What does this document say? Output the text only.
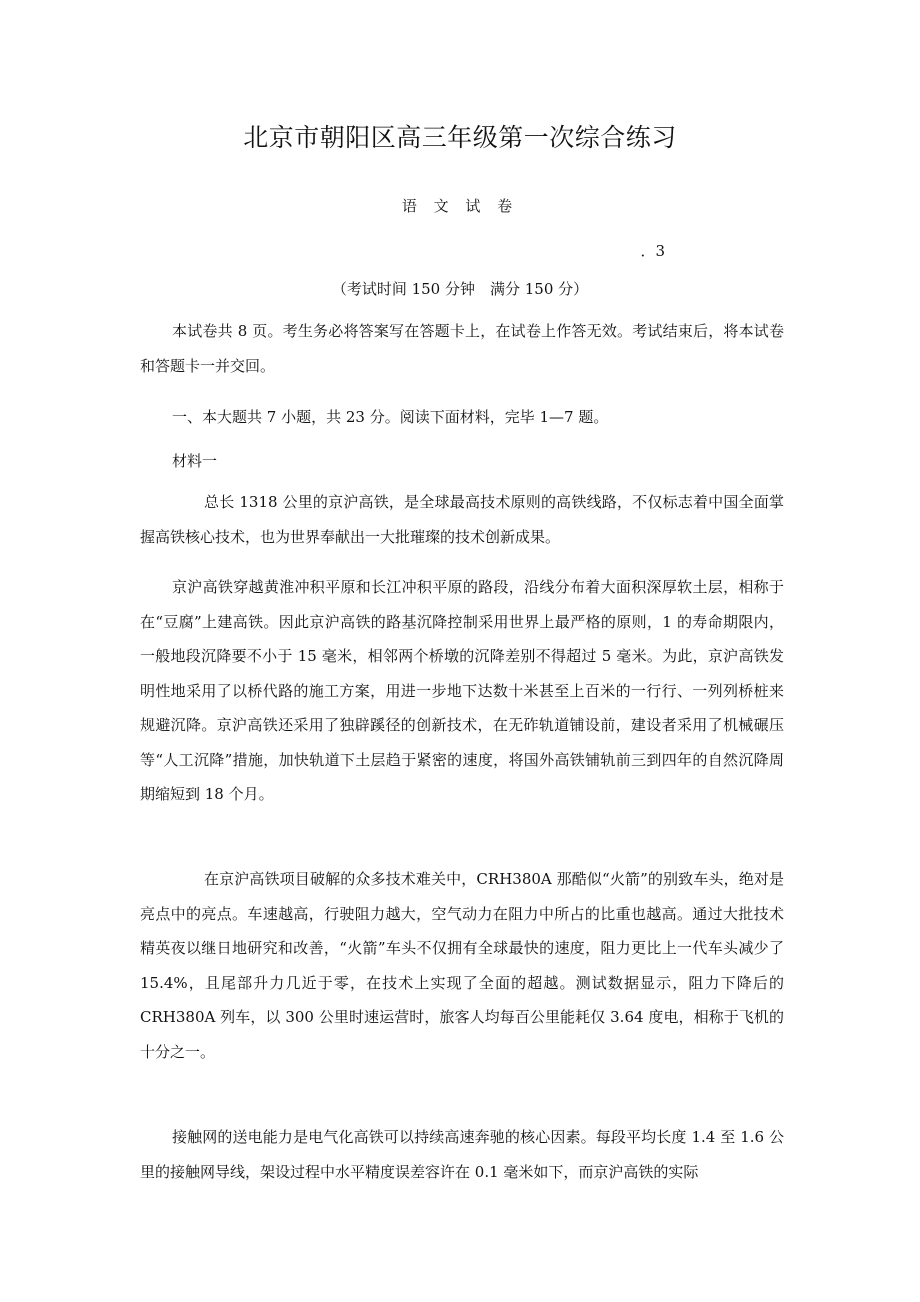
北京市朝阳区高三年级第一次综合练习
语 文 试 卷
．3
（考试时间 150 分钟　满分 150 分）

本试卷共 8 页。考生务必将答案写在答题卡上，在试卷上作答无效。考试结束后，将本试卷和答题卡一并交回。

一、本大题共 7 小题，共 23 分。阅读下面材料，完毕 1—7 题。

材料一

总长 1318 公里的京沪高铁，是全球最高技术原则的高铁线路，不仅标志着中国全面掌握高铁核心技术，也为世界奉献出一大批璀璨的技术创新成果。

京沪高铁穿越黄淮冲积平原和长江冲积平原的路段，沿线分布着大面积深厚软土层，相称于在“豆腐”上建高铁。因此京沪高铁的路基沉降控制采用世界上最严格的原则，1 的寿命期限内，一般地段沉降要不小于 15 毫米，相邻两个桥墩的沉降差别不得超过 5 毫米。为此，京沪高铁发明性地采用了以桥代路的施工方案，用进一步地下达数十米甚至上百米的一行行、一列列桥桩来规避沉降。京沪高铁还采用了独辟蹊径的创新技术，在无砟轨道铺设前，建设者采用了机械碾压等“人工沉降”措施，加快轨道下土层趋于紧密的速度，将国外高铁铺轨前三到四年的自然沉降周期缩短到 18 个月。

在京沪高铁项目破解的众多技术难关中，CRH380A 那酷似“火箭”的别致车头，绝对是亮点中的亮点。车速越高，行驶阻力越大，空气动力在阻力中所占的比重也越高。通过大批技术精英夜以继日地研究和改善，“火箭”车头不仅拥有全球最快的速度，阻力更比上一代车头减少了 15.4%，且尾部升力几近于零，在技术上实现了全面的超越。测试数据显示，阻力下降后的 CRH380A 列车，以 300 公里时速运营时，旅客人均每百公里能耗仅 3.64 度电，相称于飞机的十分之一。

接触网的送电能力是电气化高铁可以持续高速奔驰的核心因素。每段平均长度 1.4 至 1.6 公里的接触网导线，架设过程中水平精度误差容许在 0.1 毫米如下，而京沪高铁的实际
